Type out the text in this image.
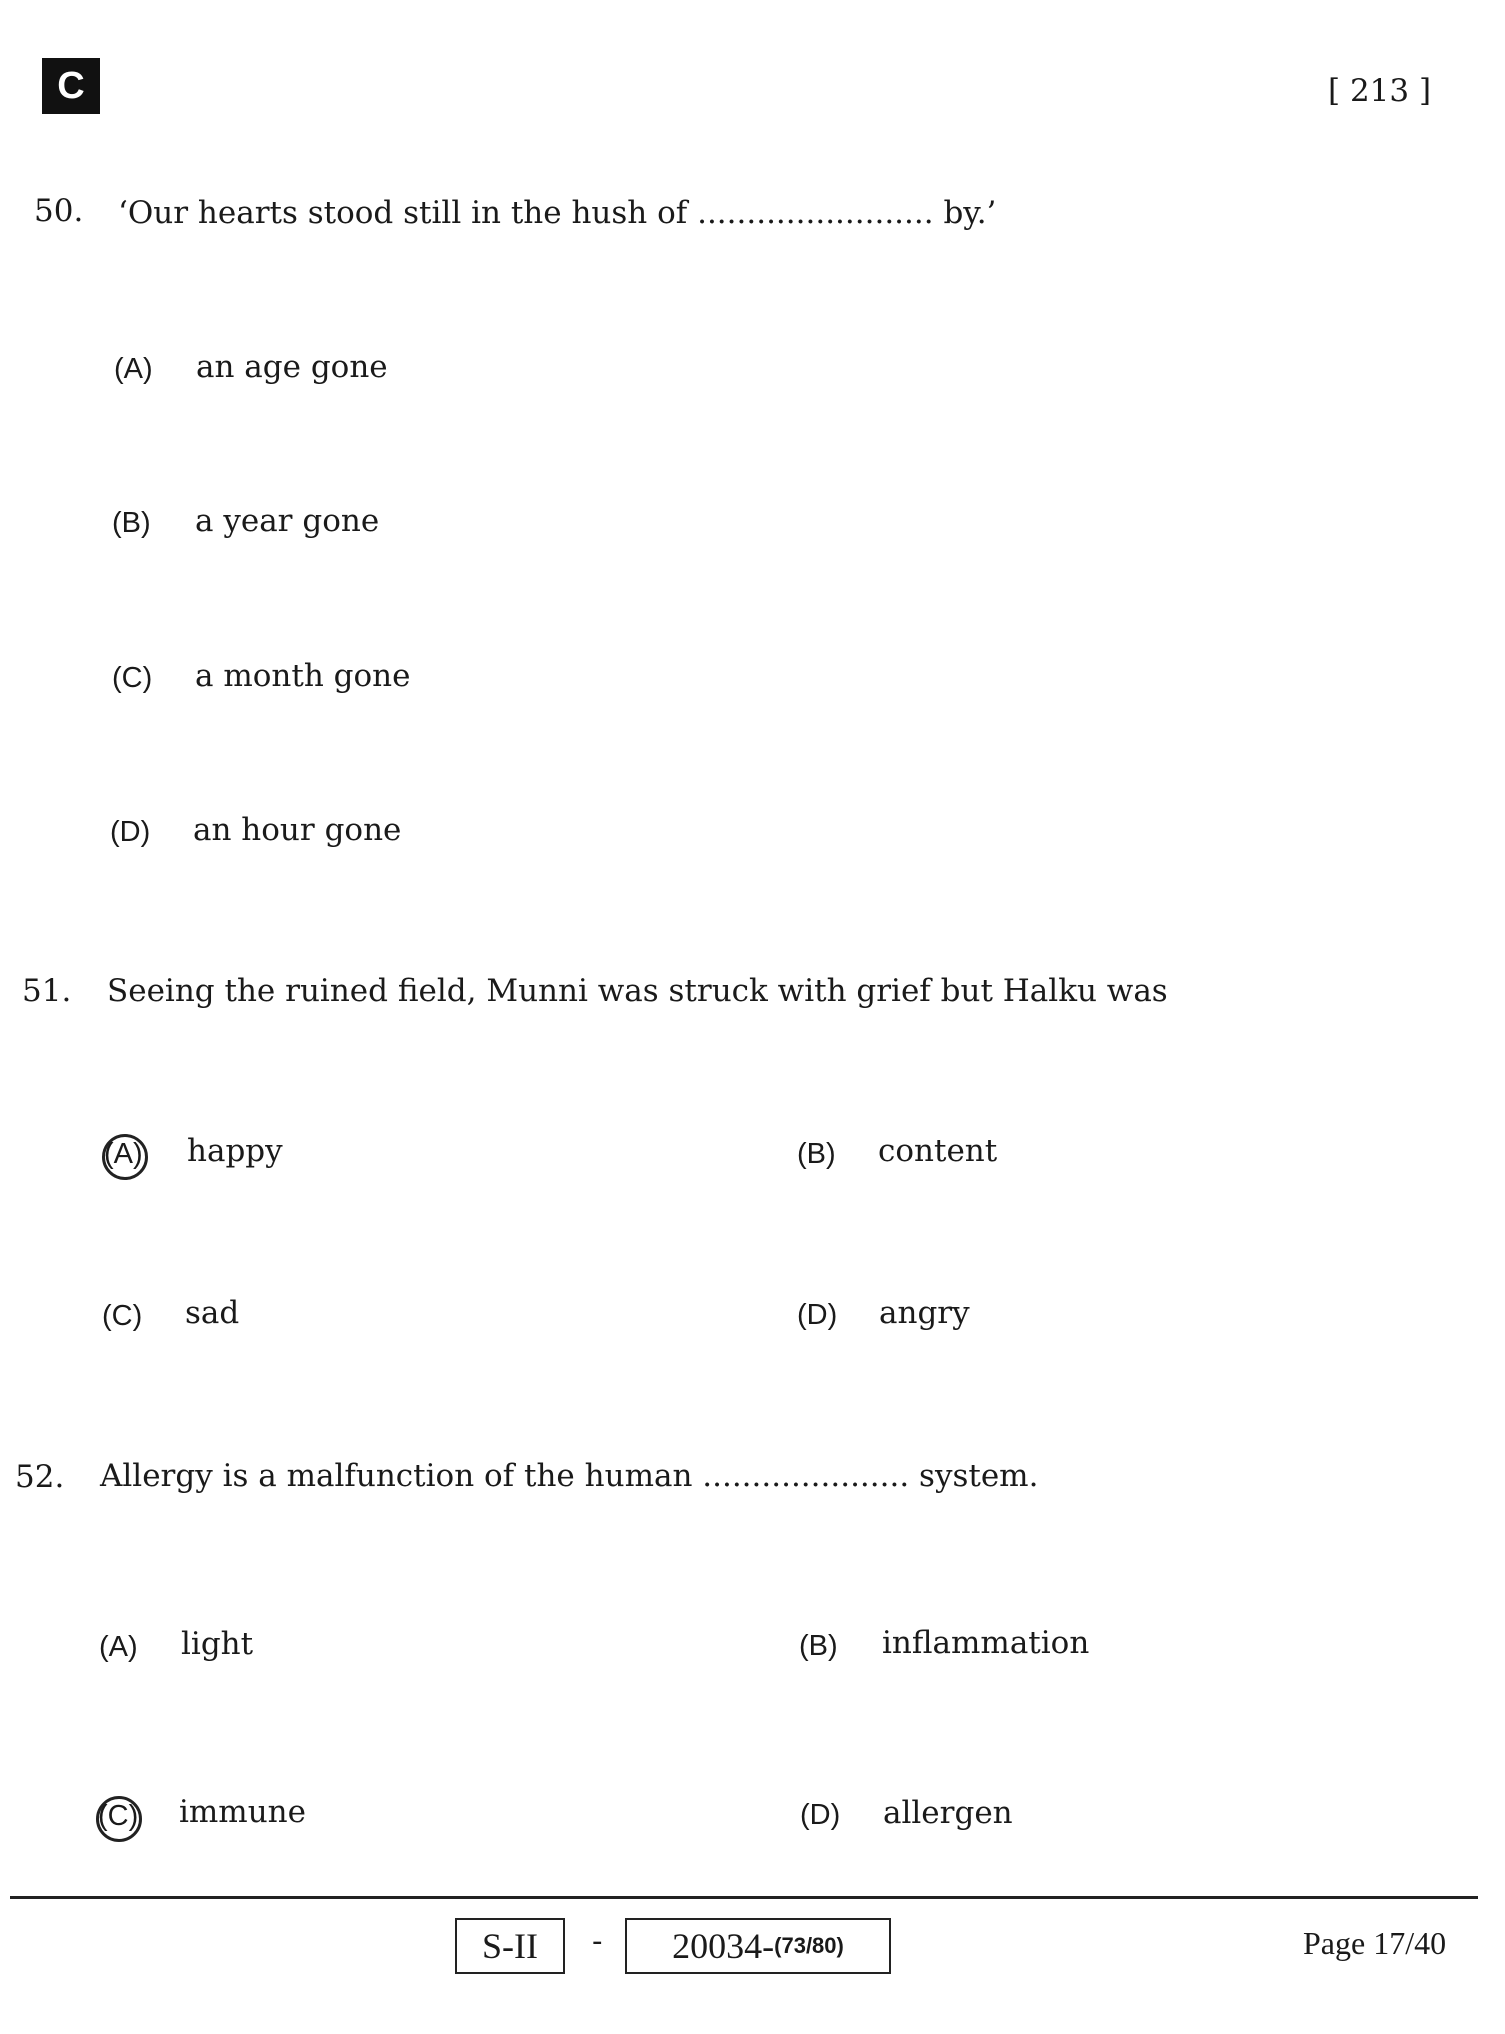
C	[ 213 ]
50. ‘Our hearts stood still in the hush of ........................ by.’
(A) an age gone
(B) a year gone
(C) a month gone
(D) an hour gone
51. Seeing the ruined field, Munni was struck with grief but Halku was
(A) happy	(B) content
(C) sad	(D) angry
52. Allergy is a malfunction of the human ..................... system.
(A) light	(B) inflammation
(C) immune	(D) allergen
S-II - 20034- (73/80)	Page 17/40
